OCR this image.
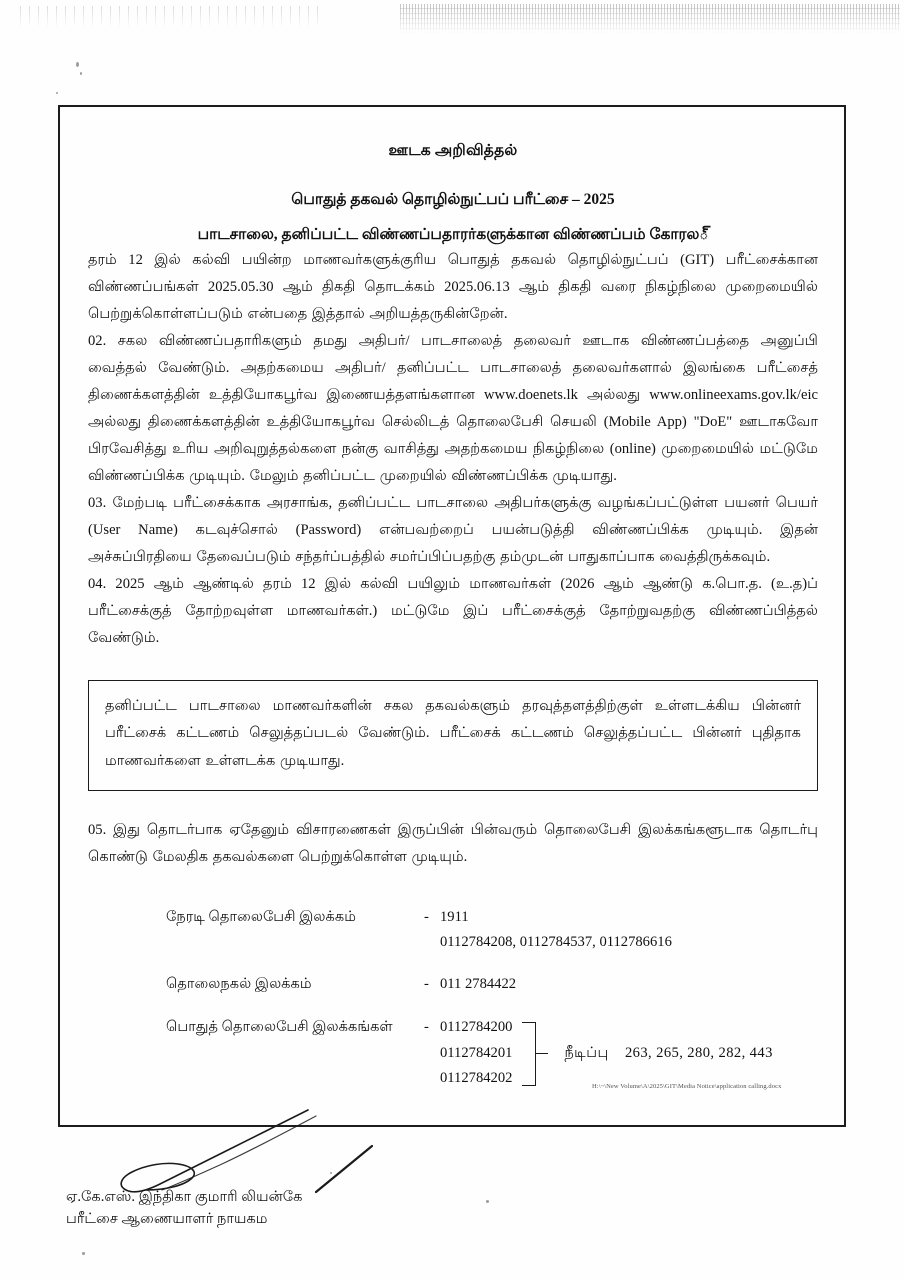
ஊடக அறிவித்தல்
பொதுத் தகவல் தொழில்நுட்பப் பரீட்சை – 2025
பாடசாலை, தனிப்பட்ட விண்ணப்பதாரர்களுக்கான விண்ணப்பம் கோரல్

தரம் 12 இல் கல்வி பயின்ற மாணவர்களுக்குரிய பொதுத் தகவல் தொழில்நுட்பப் (GIT) பரீட்சைக்கான விண்ணப்பங்கள் 2025.05.30 ஆம் திகதி தொடக்கம் 2025.06.13 ஆம் திகதி வரை நிகழ்நிலை முறைமையில் பெற்றுக்கொள்ளப்படும் என்பதை இத்தால் அறியத்தருகின்றேன்.

02. சகல விண்ணப்பதாரிகளும் தமது அதிபர்/ பாடசாலைத் தலைவர் ஊடாக விண்ணப்பத்தை அனுப்பி வைத்தல் வேண்டும். அதற்கமைய அதிபர்/ தனிப்பட்ட பாடசாலைத் தலைவர்களால் இலங்கை பரீட்சைத் திணைக்களத்தின் உத்தியோகபூர்வ இணையத்தளங்களான www.doenets.lk அல்லது www.onlineexams.gov.lk/eic அல்லது திணைக்களத்தின் உத்தியோகபூர்வ செல்லிடத் தொலைபேசி செயலி (Mobile App) "DoE" ஊடாகவோ பிரவேசித்து உரிய அறிவுறுத்தல்களை நன்கு வாசித்து அதற்கமைய நிகழ்நிலை (online) முறைமையில் மட்டுமே விண்ணப்பிக்க முடியும். மேலும் தனிப்பட்ட முறையில் விண்ணப்பிக்க முடியாது.

03. மேற்படி பரீட்சைக்காக அரசாங்க, தனிப்பட்ட பாடசாலை அதிபர்களுக்கு வழங்கப்பட்டுள்ள பயனர் பெயர் (User Name) கடவுச்சொல் (Password) என்பவற்றைப் பயன்படுத்தி விண்ணப்பிக்க முடியும். இதன் அச்சுப்பிரதியை தேவைப்படும் சந்தர்ப்பத்தில் சமர்ப்பிப்பதற்கு தம்முடன் பாதுகாப்பாக வைத்திருக்கவும்.

04. 2025 ஆம் ஆண்டில் தரம் 12 இல் கல்வி பயிலும் மாணவர்கள் (2026 ஆம் ஆண்டு க.பொ.த. (உ.த)ப் பரீட்சைக்குத் தோற்றவுள்ள மாணவர்கள்.) மட்டுமே இப் பரீட்சைக்குத் தோற்றுவதற்கு விண்ணப்பித்தல் வேண்டும்.

தனிப்பட்ட பாடசாலை மாணவர்களின் சகல தகவல்களும் தரவுத்தளத்திற்குள் உள்ளடக்கிய பின்னர் பரீட்சைக் கட்டணம் செலுத்தப்படல் வேண்டும். பரீட்சைக் கட்டணம் செலுத்தப்பட்ட பின்னர் புதிதாக மாணவர்களை உள்ளடக்க முடியாது.

05. இது தொடர்பாக ஏதேனும் விசாரணைகள் இருப்பின் பின்வரும் தொலைபேசி இலக்கங்களூடாக தொடர்பு கொண்டு மேலதிக தகவல்களை பெற்றுக்கொள்ள முடியும்.

நேரடி தொலைபேசி இலக்கம்	- 1911
0112784208, 0112784537, 0112786616
தொலைநகல் இலக்கம்	- 011 2784422
பொதுத் தொலைபேசி இலக்கங்கள்	- 0112784200
0112784201
0112784202
நீடிப்பு 263, 265, 280, 282, 443
ஏ.கே.எஸ். இந்திகா குமாரி லியன்கே
பரீட்சை ஆணையாளர் நாயகம
H:\~\New Volume\A\2025\GIT\Media Notice\application calling.docx
